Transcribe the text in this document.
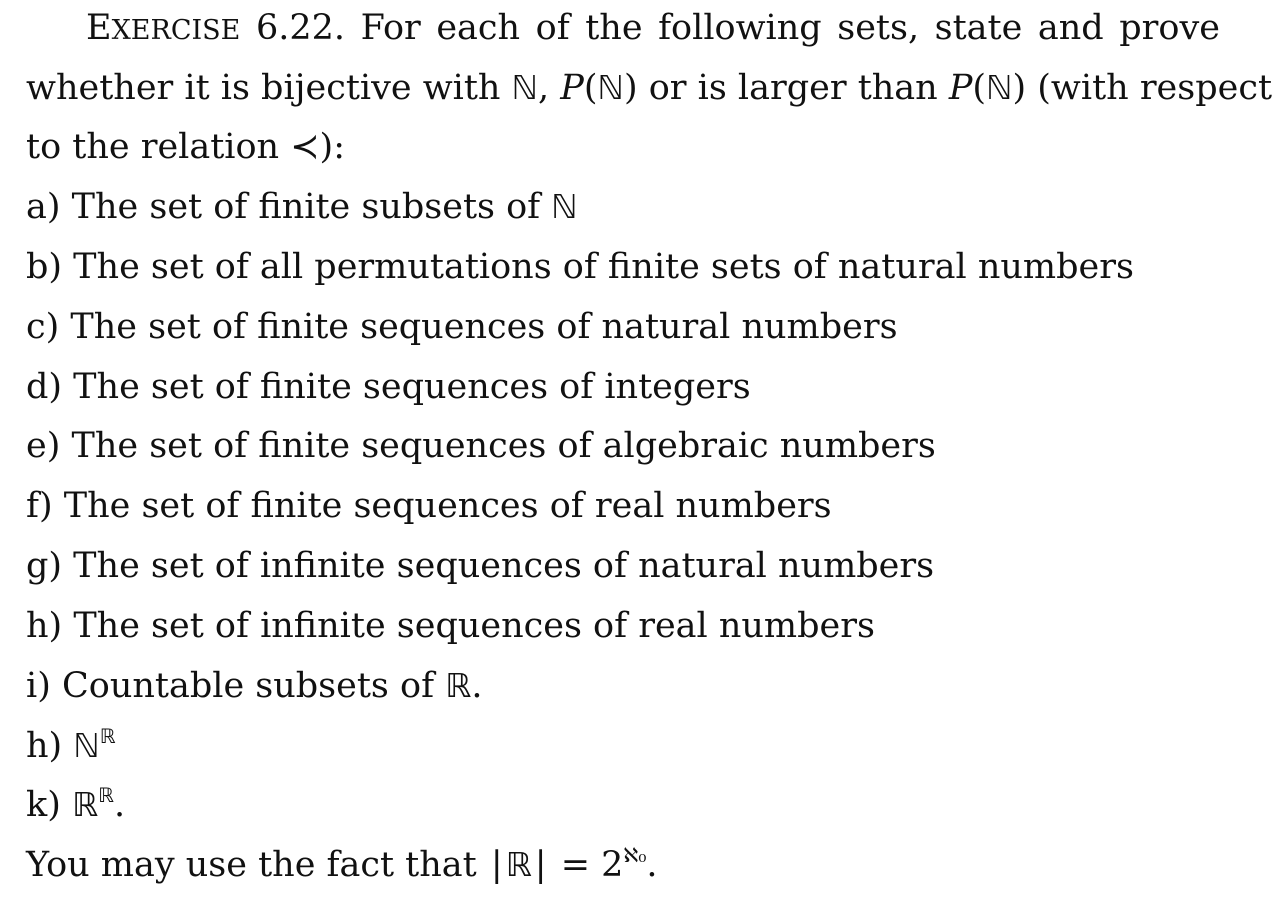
EXERCISE 6.22. For each of the following sets, state and prove
whether it is bijective with ℕ, P(ℕ) or is larger than P(ℕ) (with respect
to the relation ≺):
a) The set of finite subsets of ℕ
b) The set of all permutations of finite sets of natural numbers
c) The set of finite sequences of natural numbers
d) The set of finite sequences of integers
e) The set of finite sequences of algebraic numbers
f) The set of finite sequences of real numbers
g) The set of infinite sequences of natural numbers
h) The set of infinite sequences of real numbers
i) Countable subsets of ℝ.
h) ℕ$^ℝ$
k) ℝ$^ℝ$.
You may use the fact that |ℝ| = $2^{ℵ_0}$.
